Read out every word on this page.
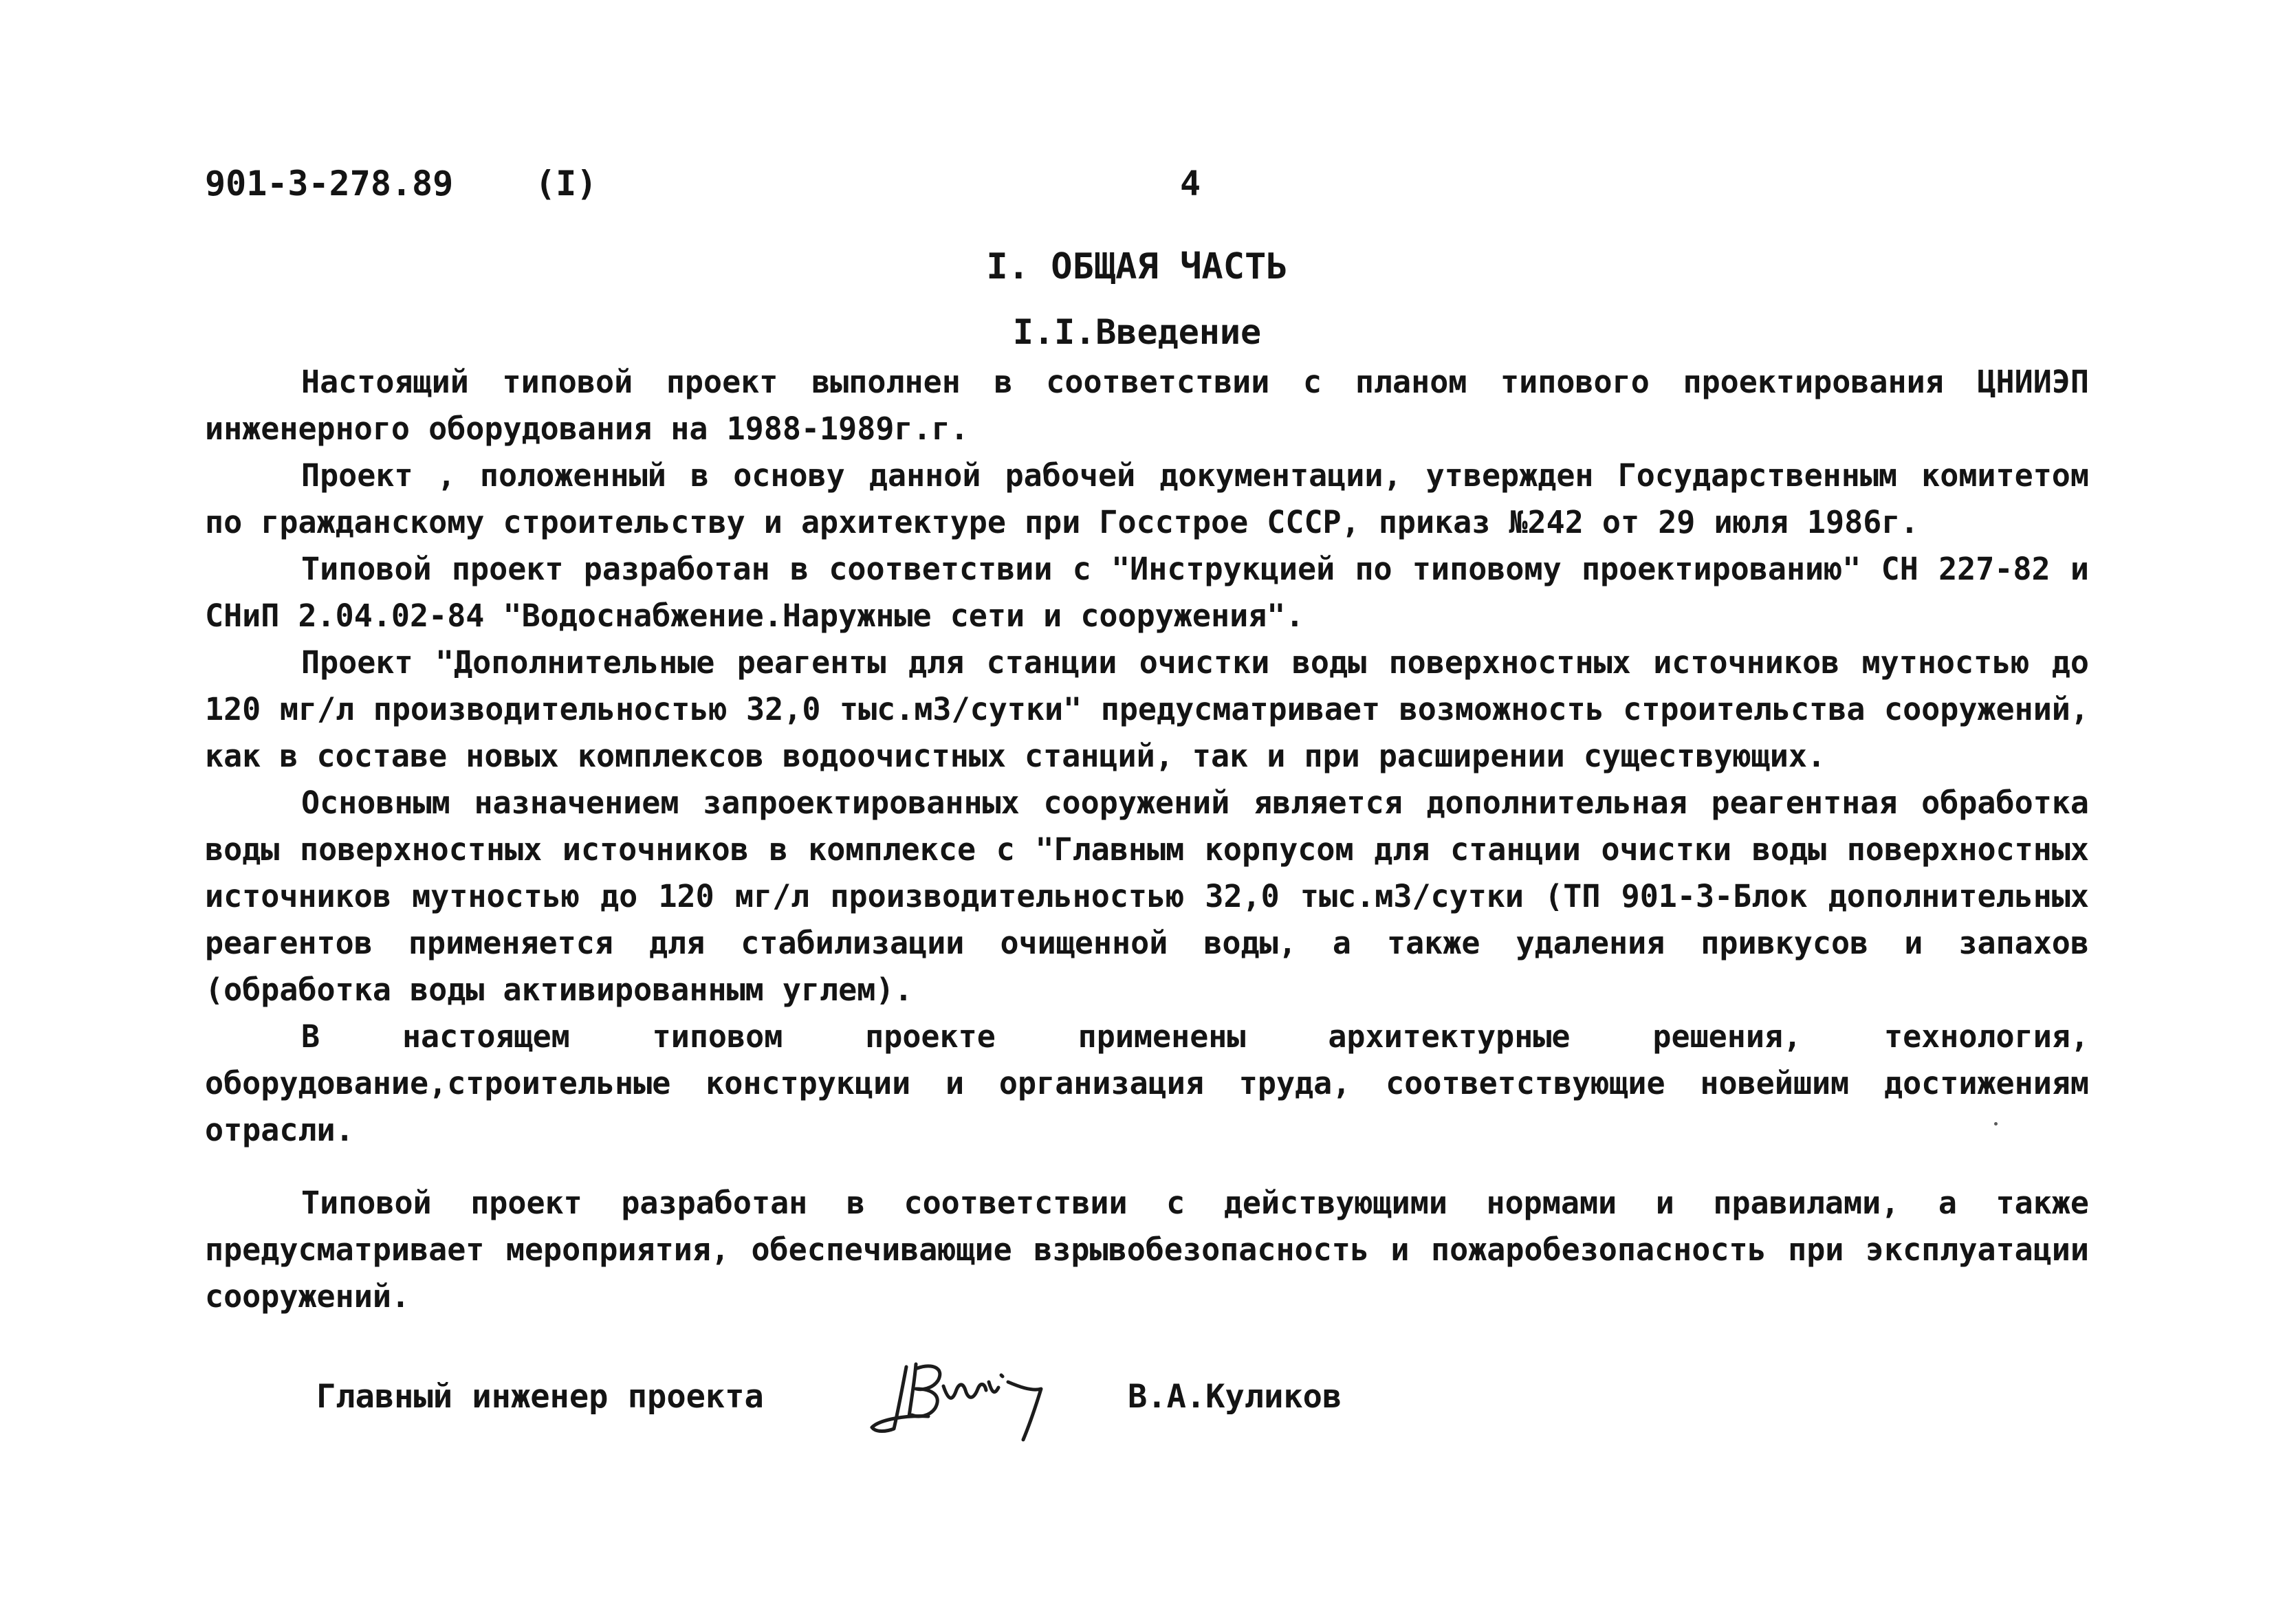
901-3-278.89 (I)	4
I. ОБЩАЯ ЧАСТЬ
I.I.Введение

Настоящий типовой проект выполнен в соответствии с планом типового проектирования ЦНИИЭП инженерного оборудования на 1988-1989г.г.

Проект , положенный в основу данной рабочей документации, утвержден Государственным комитетом по гражданскому строительству и архитектуре при Госстрое СССР, приказ №242 от 29 июля 1986г.

Типовой проект разработан в соответствии с "Инструкцией по типовому проектированию" СН 227-82 и СНиП 2.04.02-84 "Водоснабжение.Наружные сети и сооружения".

Проект "Дополнительные реагенты для станции очистки воды поверхностных источников мутностью до 120 мг/л производительностью 32,0 тыс.м3/сутки" предусматривает возможность строительства сооружений, как в составе новых комплексов водоочистных станций, так и при расширении существующих.

Основным назначением запроектированных сооружений является дополнительная реагентная обработка воды поверхностных источников в комплексе с "Главным корпусом для станции очистки воды поверхностных источников мутностью до 120 мг/л производительностью 32,0 тыс.м3/сутки (ТП 901-3-Блок дополнительных реагентов применяется для стабилизации очищенной воды, а также удаления привкусов и запахов (обработка воды активированным углем).

В настоящем типовом проекте применены архитектурные решения, технология, оборудование,строительные конструкции и организация труда, соответствующие новейшим достижениям отрасли.

Типовой проект разработан в соответствии с действующими нормами и правилами, а также предусматривает мероприятия, обеспечивающие взрывобезопасность и пожаробезопасность при эксплуатации сооружений.

Главный инженер проекта	В.А.Куликов
